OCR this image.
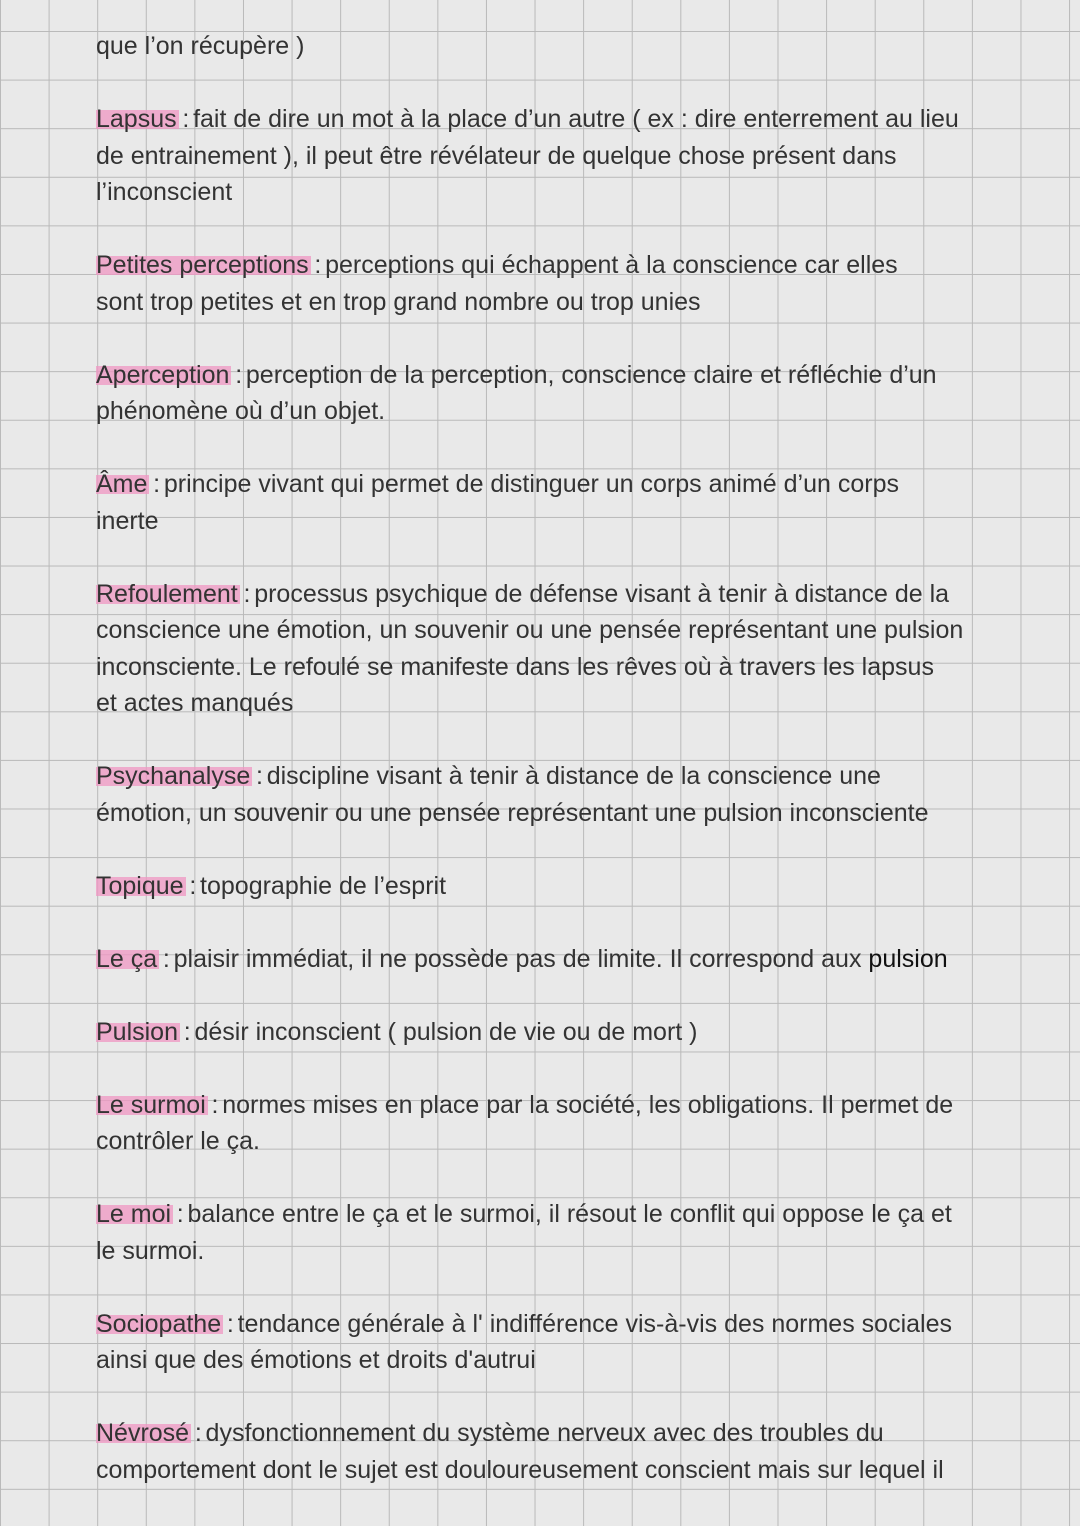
que l’on récupère )

Lapsus : fait de dire un mot à la place d’un autre ( ex : dire enterrement au lieu

de entrainement ), il peut être révélateur de quelque chose présent dans

l’inconscient

Petites perceptions : perceptions qui échappent à la conscience car elles

sont trop petites et en trop grand nombre ou trop unies

Aperception : perception de la perception, conscience claire et réfléchie d’un

phénomène où d’un objet.

Âme : principe vivant qui permet de distinguer un corps animé d’un corps

inerte

Refoulement : processus psychique de défense visant à tenir à distance de la

conscience une émotion, un souvenir ou une pensée représentant une pulsion

inconsciente. Le refoulé se manifeste dans les rêves où à travers les lapsus

et actes manqués

Psychanalyse : discipline visant à tenir à distance de la conscience une

émotion, un souvenir ou une pensée représentant une pulsion inconsciente

Topique : topographie de l’esprit

Le ça : plaisir immédiat, il ne possède pas de limite. Il correspond aux pulsion

Pulsion : désir inconscient ( pulsion de vie ou de mort )

Le surmoi : normes mises en place par la société, les obligations. Il permet de

contrôler le ça.

Le moi : balance entre le ça et le surmoi, il résout le conflit qui oppose le ça et

le surmoi.

Sociopathe : tendance générale à l' indifférence vis-à-vis des normes sociales

ainsi que des émotions et droits d'autrui

Névrosé : dysfonctionnement du système nerveux avec des troubles du

comportement dont le sujet est douloureusement conscient mais sur lequel il
